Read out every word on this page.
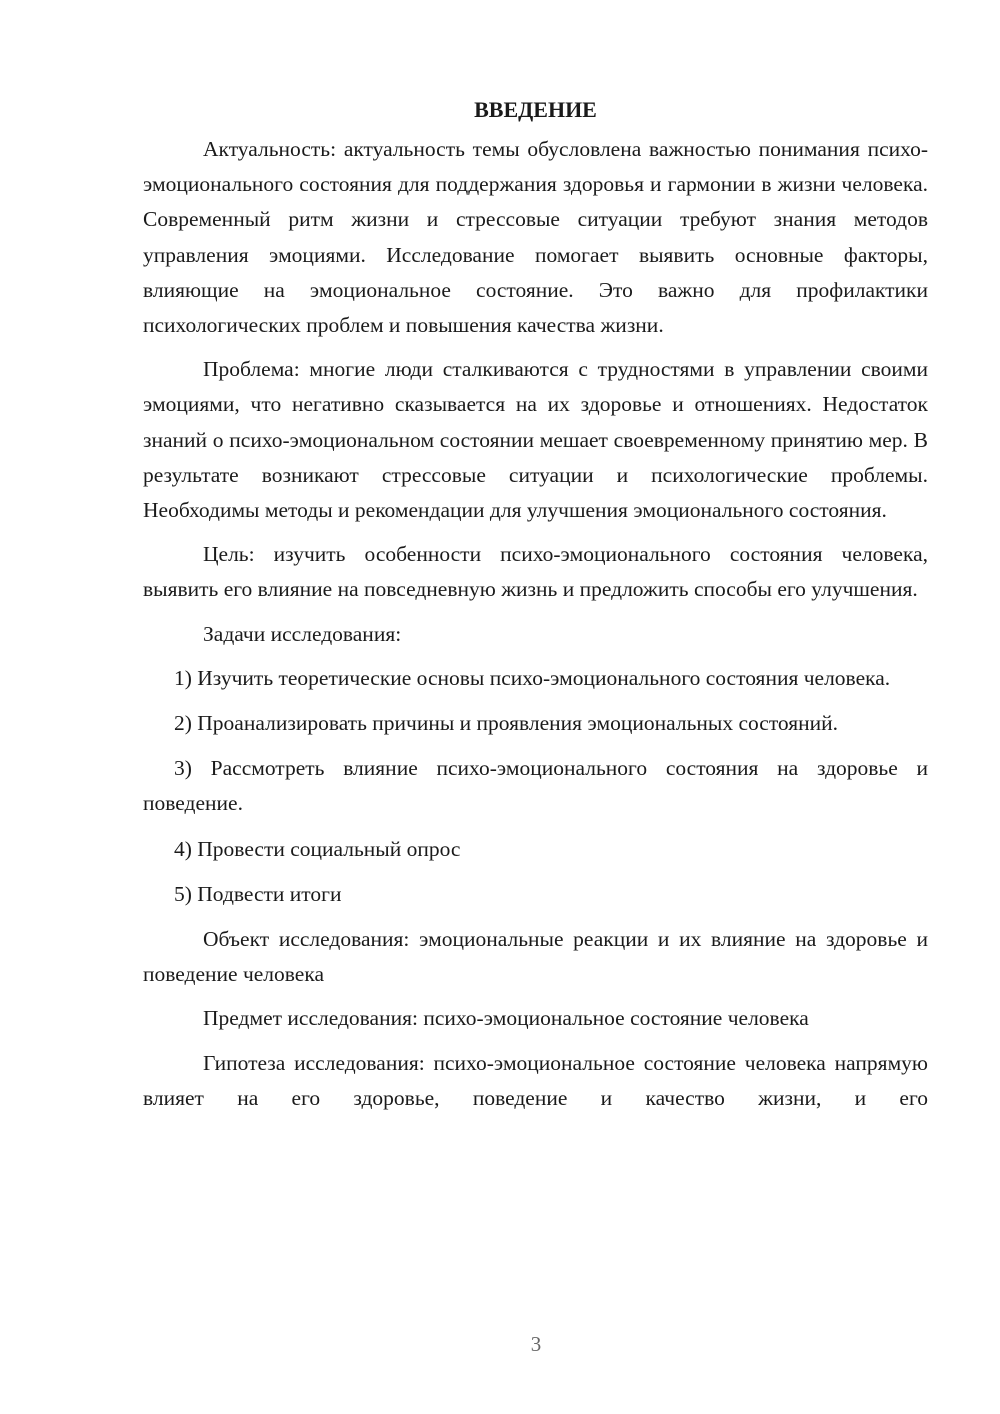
ВВЕДЕНИЕ

Актуальность: актуальность темы обусловлена важностью понимания психо-эмоционального состояния для поддержания здоровья и гармонии в жизни человека. Современный ритм жизни и стрессовые ситуации требуют знания методов управления эмоциями. Исследование помогает выявить основные факторы, влияющие на эмоциональное состояние. Это важно для профилактики психологических проблем и повышения качества жизни.

Проблема: многие люди сталкиваются с трудностями в управлении своими эмоциями, что негативно сказывается на их здоровье и отношениях. Недостаток знаний о психо-эмоциональном состоянии мешает своевременному принятию мер. В результате возникают стрессовые ситуации и психологические проблемы. Необходимы методы и рекомендации для улучшения эмоционального состояния.

Цель: изучить особенности психо-эмоционального состояния человека, выявить его влияние на повседневную жизнь и предложить способы его улучшения.

Задачи исследования:

1) Изучить теоретические основы психо-эмоционального состояния человека.

2) Проанализировать причины и проявления эмоциональных состояний.

3) Рассмотреть влияние психо-эмоционального состояния на здоровье и поведение.

4) Провести социальный опрос

5) Подвести итоги

Объект исследования: эмоциональные реакции и их влияние на здоровье и поведение человека

Предмет исследования: психо-эмоциональное состояние человека

Гипотеза исследования: психо-эмоциональное состояние человека напрямую влияет на его здоровье, поведение и качество жизни, и его

3
